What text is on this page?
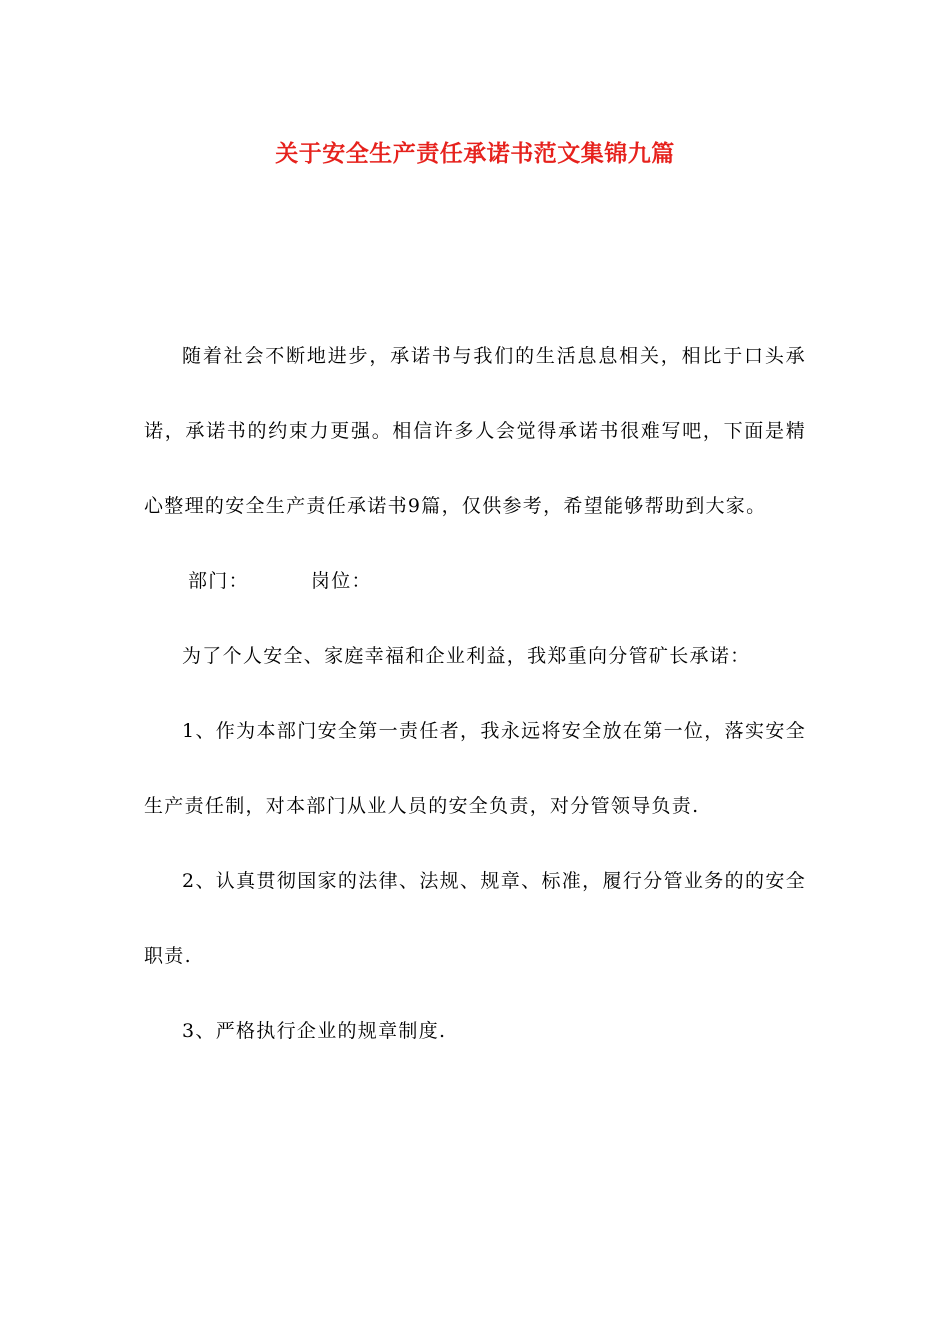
关于安全生产责任承诺书范文集锦九篇

随着社会不断地进步，承诺书与我们的生活息息相关，相比于口头承诺，承诺书的约束力更强。相信许多人会觉得承诺书很难写吧，下面是精心整理的安全生产责任承诺书9篇，仅供参考，希望能够帮助到大家。

部门：	岗位：

为了个人安全、家庭幸福和企业利益，我郑重向分管矿长承诺：

1、作为本部门安全第一责任者，我永远将安全放在第一位，落实安全生产责任制，对本部门从业人员的安全负责，对分管领导负责.

2、认真贯彻国家的法律、法规、规章、标准，履行分管业务的的安全职责.

3、严格执行企业的规章制度.
